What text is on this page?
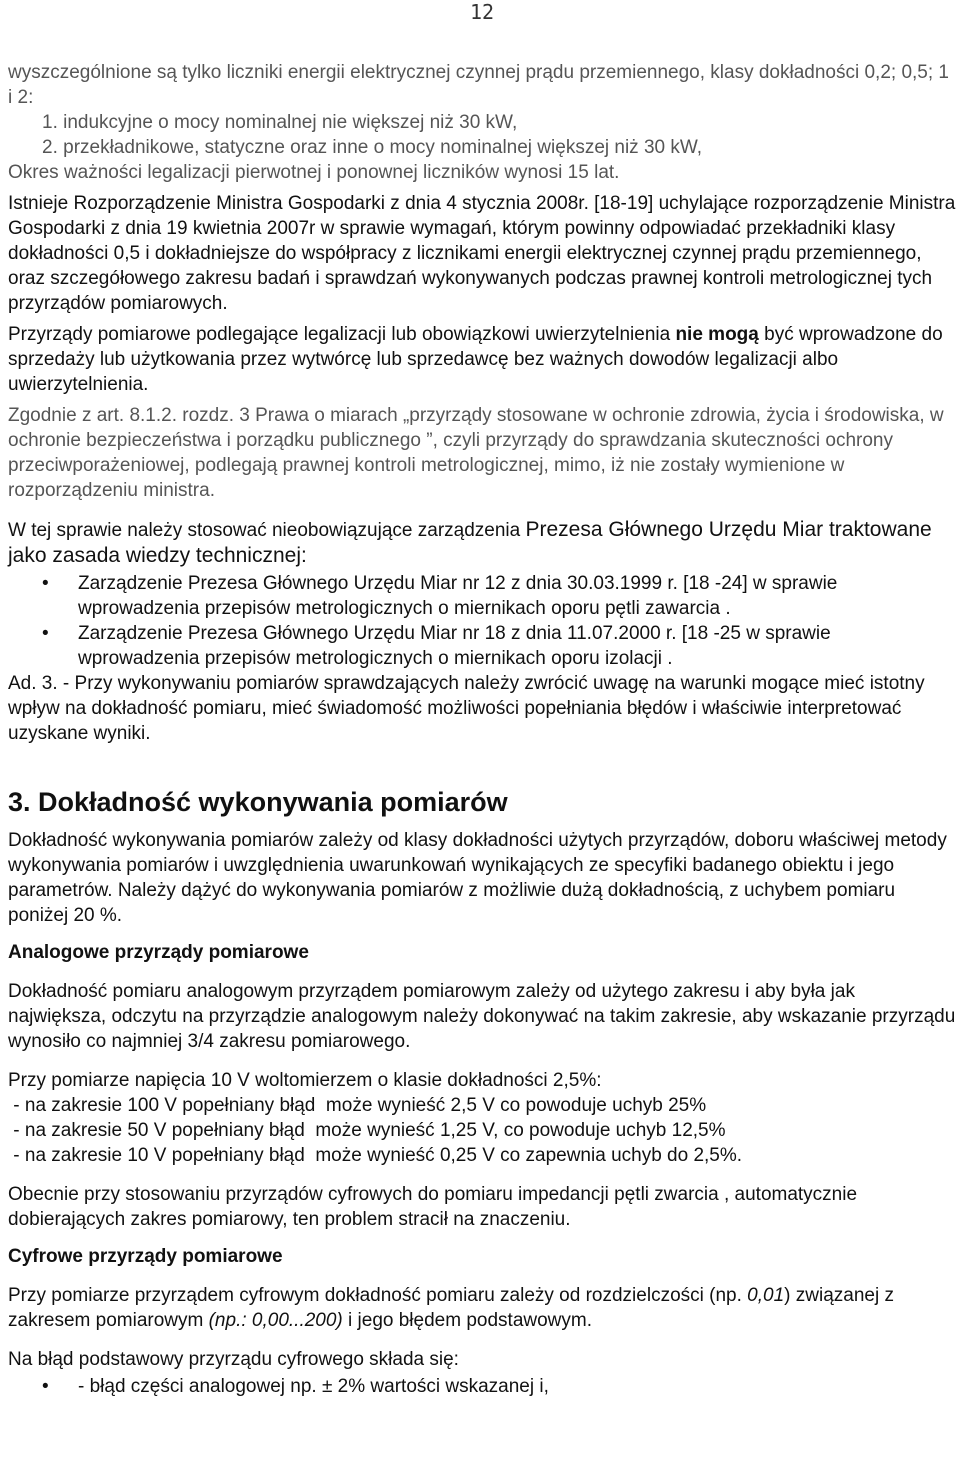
12

wyszczególnione są tylko liczniki energii elektrycznej czynnej prądu przemiennego, klasy dokładności 0,2; 0,5; 1 i 2:

1. indukcyjne o mocy nominalnej nie większej niż 30 kW,
2. przekładnikowe, statyczne oraz inne o mocy nominalnej większej niż 30 kW,

Okres ważności legalizacji pierwotnej i ponownej liczników wynosi 15 lat.

Istnieje Rozporządzenie Ministra Gospodarki z dnia 4 stycznia 2008r. [18-19] uchylające rozporządzenie Ministra Gospodarki z dnia 19 kwietnia 2007r w sprawie wymagań, którym powinny odpowiadać przekładniki klasy dokładności 0,5 i dokładniejsze do współpracy z licznikami energii elektrycznej czynnej prądu przemiennego, oraz szczegółowego zakresu badań i sprawdzań wykonywanych podczas prawnej kontroli metrologicznej tych przyrządów pomiarowych.

Przyrządy pomiarowe podlegające legalizacji lub obowiązkowi uwierzytelnienia nie mogą być wprowadzone do sprzedaży lub użytkowania przez wytwórcę lub sprzedawcę bez ważnych dowodów legalizacji albo uwierzytelnienia.

Zgodnie z art. 8.1.2. rozdz. 3 Prawa o miarach „przyrządy stosowane w ochronie zdrowia, życia i środowiska, w ochronie bezpieczeństwa i porządku publicznego ”, czyli przyrządy do sprawdzania skuteczności ochrony przeciwporażeniowej, podlegają prawnej kontroli metrologicznej, mimo, iż nie zostały wymienione w rozporządzeniu ministra.

W tej sprawie należy stosować nieobowiązujące zarządzenia Prezesa Głównego Urzędu Miar traktowane jako zasada wiedzy technicznej:

• Zarządzenie Prezesa Głównego Urzędu Miar nr 12 z dnia 30.03.1999 r. [18 -24] w sprawie wprowadzenia przepisów metrologicznych o miernikach oporu pętli zawarcia .
• Zarządzenie Prezesa Głównego Urzędu Miar nr 18 z dnia 11.07.2000 r. [18 -25 w sprawie wprowadzenia przepisów metrologicznych o miernikach oporu izolacji .

Ad. 3. - Przy wykonywaniu pomiarów sprawdzających należy zwrócić uwagę na warunki mogące mieć istotny wpływ na dokładność pomiaru, mieć świadomość możliwości popełniania błędów i właściwie interpretować uzyskane wyniki.

3. Dokładność wykonywania pomiarów

Dokładność wykonywania pomiarów zależy od klasy dokładności użytych przyrządów, doboru właściwej metody wykonywania pomiarów i uwzględnienia uwarunkowań wynikających ze specyfiki badanego obiektu i jego parametrów. Należy dążyć do wykonywania pomiarów z możliwie dużą dokładnością, z uchybem pomiaru poniżej 20 %.

Analogowe przyrządy pomiarowe

Dokładność pomiaru analogowym przyrządem pomiarowym zależy od użytego zakresu i aby była jak największa, odczytu na przyrządzie analogowym należy dokonywać na takim zakresie, aby wskazanie przyrządu wynosiło co najmniej 3/4 zakresu pomiarowego.

Przy pomiarze napięcia 10 V woltomierzem o klasie dokładności 2,5%:

- na zakresie 100 V popełniany błąd  może wynieść 2,5 V co powoduje uchyb 25%
- na zakresie 50 V popełniany błąd  może wynieść 1,25 V, co powoduje uchyb 12,5%
- na zakresie 10 V popełniany błąd  może wynieść 0,25 V co zapewnia uchyb do 2,5%.

Obecnie przy stosowaniu przyrządów cyfrowych do pomiaru impedancji pętli zwarcia , automatycznie dobierających zakres pomiarowy, ten problem stracił na znaczeniu.

Cyfrowe przyrządy pomiarowe

Przy pomiarze przyrządem cyfrowym dokładność pomiaru zależy od rozdzielczości (np. 0,01) związanej z zakresem pomiarowym (np.: 0,00...200) i jego błędem podstawowym.

Na błąd podstawowy przyrządu cyfrowego składa się:

• - błąd części analogowej np. ± 2% wartości wskazanej i,
